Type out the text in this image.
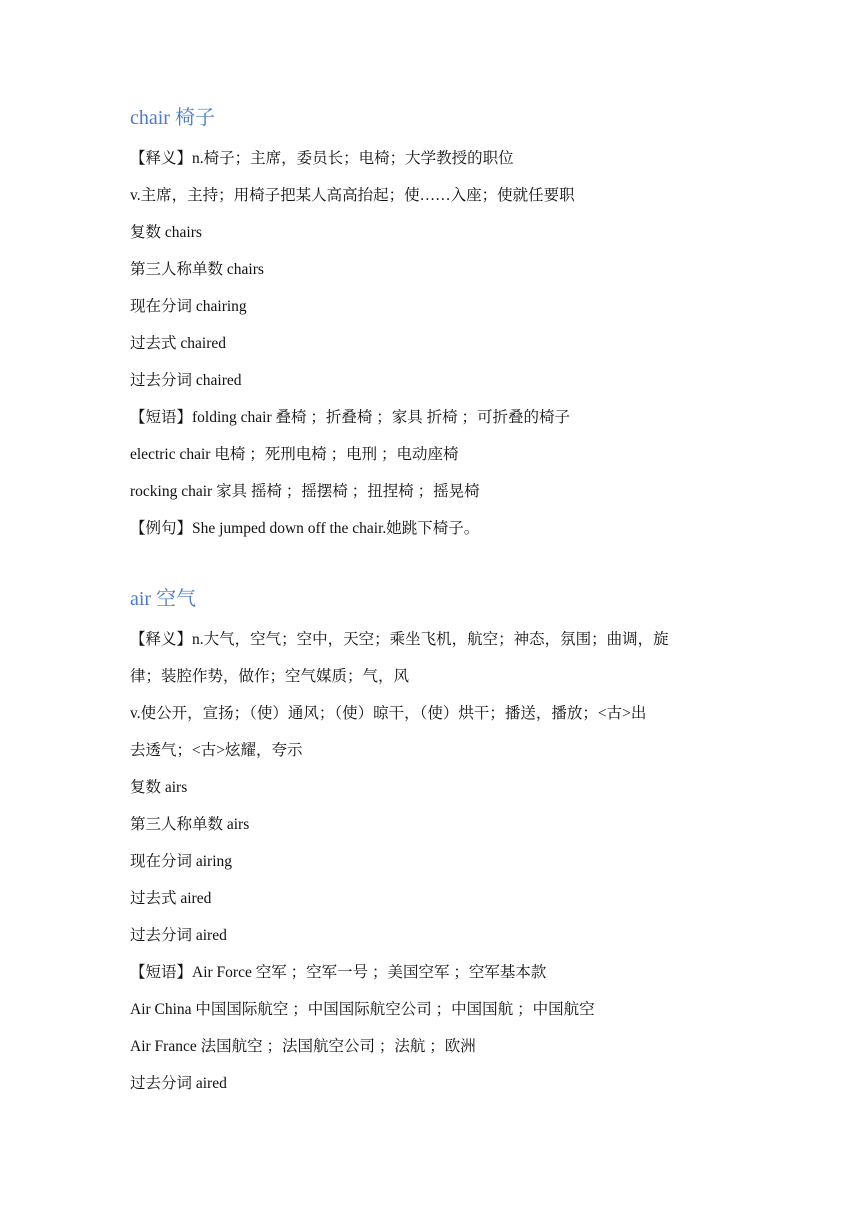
chair 椅子

【释义】n.椅子；主席，委员长；电椅；大学教授的职位

v.主席，主持；用椅子把某人高高抬起；使……入座；使就任要职

复数 chairs

第三人称单数 chairs

现在分词 chairing

过去式 chaired

过去分词 chaired

【短语】folding chair 叠椅 ；折叠椅 ；家具 折椅 ；可折叠的椅子

electric chair 电椅 ；死刑电椅 ；电刑 ；电动座椅

rocking chair 家具 摇椅 ；摇摆椅 ；扭捏椅 ；摇晃椅

【例句】She jumped down off the chair.她跳下椅子。

air 空气

【释义】n.大气，空气；空中，天空；乘坐飞机，航空；神态，氛围；曲调，旋

律；装腔作势，做作；空气媒质；气，风

v.使公开，宣扬；（使）通风；（使）晾干，（使）烘干；播送，播放；<古>出

去透气；<古>炫耀，夸示

复数 airs

第三人称单数 airs

现在分词 airing

过去式 aired

过去分词 aired

【短语】Air Force 空军 ；空军一号 ；美国空军 ；空军基本款

Air China 中国国际航空 ；中国国际航空公司 ；中国国航 ；中国航空

Air France 法国航空 ；法国航空公司 ；法航 ；欧洲

过去分词 aired
